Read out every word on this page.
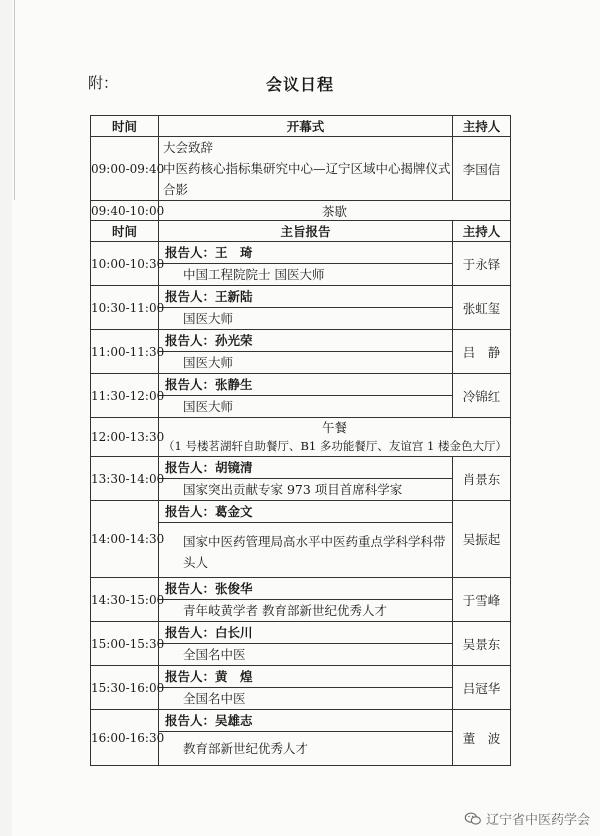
附：	会议日程
时间	开幕式	主持人
09:00-09:40	大会致辞
中医药核心指标集研究中心—辽宁区域中心揭牌仪式
合影	李国信
09:40-10:00	茶歇	
时间	主旨报告	主持人
10:00-10:30	报告人：王　琦
中国工程院院士 国医大师	于永铎
10:30-11:00	报告人：王新陆
国医大师	张虹玺
11:00-11:30	报告人：孙光荣
国医大师	吕　静
11:30-12:00	报告人：张静生
国医大师	冷锦红
12:00-13:30	午餐
（1 号楼茗湖轩自助餐厅、B1 多功能餐厅、友谊宫 1 楼金色大厅）	

13:30-14:00	报告人：胡镜清
国家突出贡献专家 973 项目首席科学家	肖景东
14:00-14:30	报告人：葛金文
国家中医药管理局高水平中医药重点学科学科带头人	吴振起
14:30-15:00	报告人：张俊华
青年岐黄学者 教育部新世纪优秀人才	于雪峰
15:00-15:30	报告人：白长川
全国名中医	吴景东
15:30-16:00	报告人：黄　煌
全国名中医	吕冠华
16:00-16:30	报告人：吴雄志
教育部新世纪优秀人才	董　波
辽宁省中医药学会
